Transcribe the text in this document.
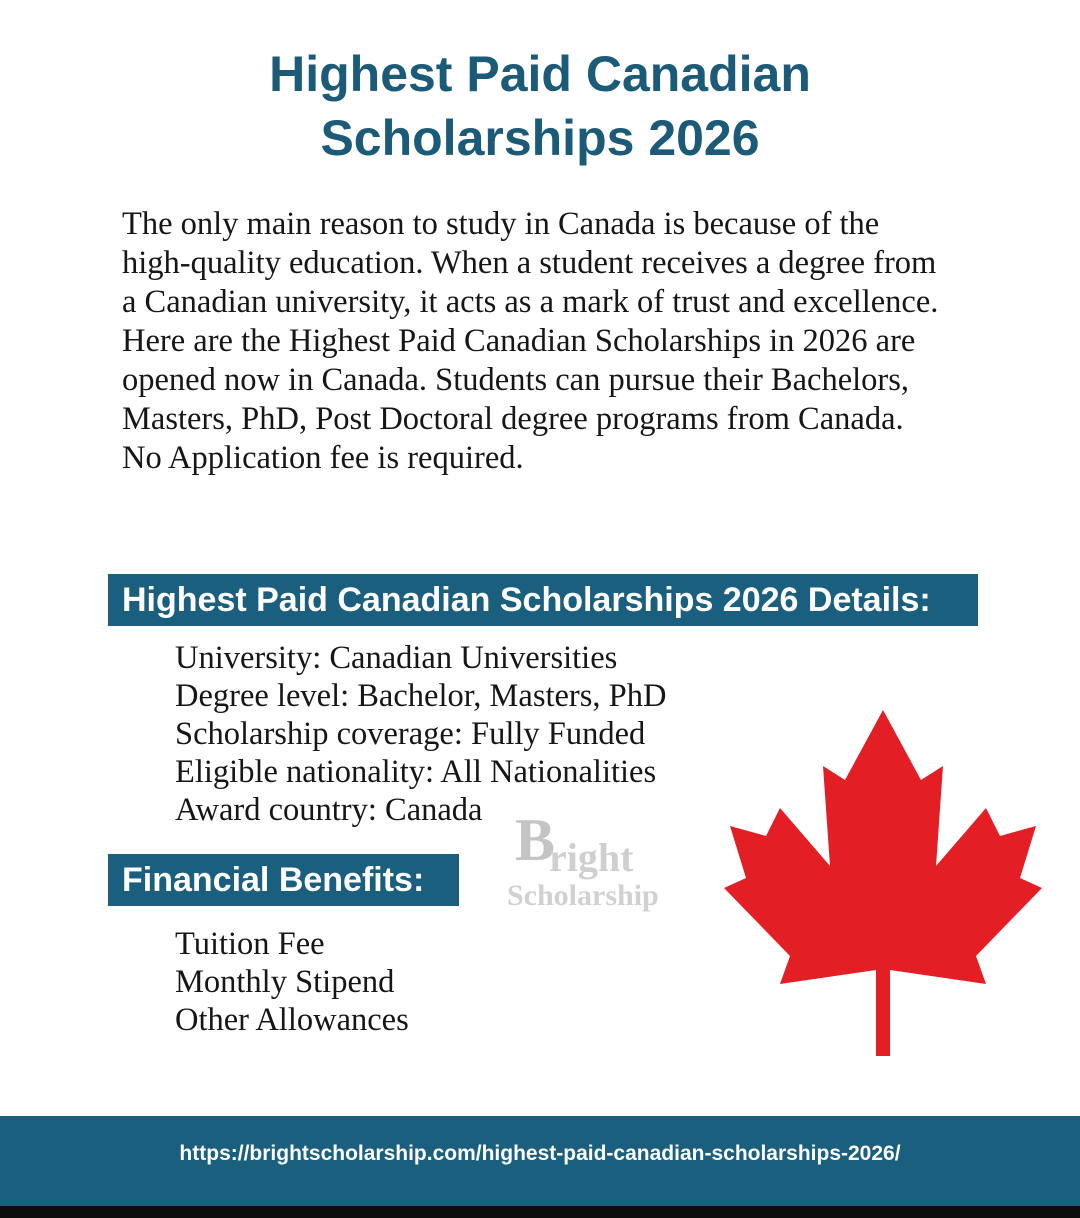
Highest Paid Canadian
Scholarships 2026
The only main reason to study in Canada is because of the high-quality education. When a student receives a degree from a Canadian university, it acts as a mark of trust and excellence. Here are the Highest Paid Canadian Scholarships in 2026 are opened now in Canada. Students can pursue their Bachelors, Masters, PhD, Post Doctoral degree programs from Canada. No Application fee is required.
Highest Paid Canadian Scholarships 2026 Details:
University: Canadian Universities
Degree level: Bachelor, Masters, PhD
Scholarship coverage: Fully Funded
Eligible nationality: All Nationalities
Award country: Canada B
right
Scholarship
Financial Benefits:
Tuition Fee
Monthly Stipend
Other Allowances
https://brightscholarship.com/highest-paid-canadian-scholarships-2026/
